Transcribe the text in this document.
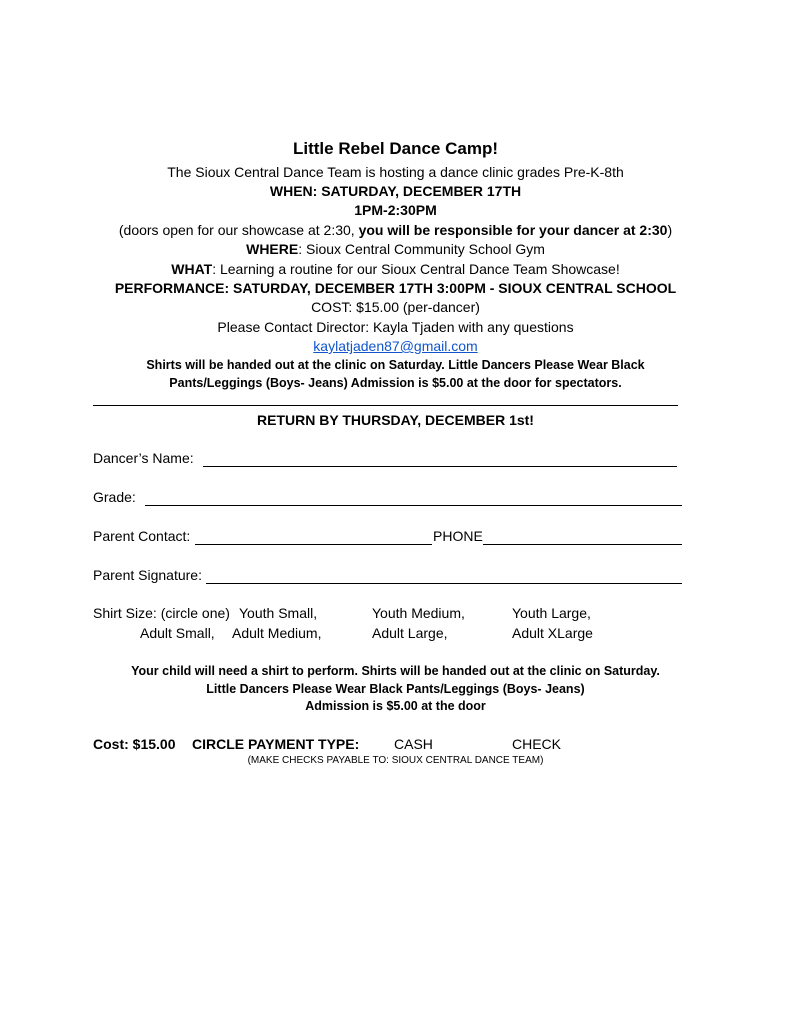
Little Rebel Dance Camp!
The Sioux Central Dance Team is hosting a dance clinic grades Pre-K-8th
WHEN: SATURDAY, DECEMBER 17TH
1PM-2:30PM
(doors open for our showcase at 2:30, you will be responsible for your dancer at 2:30)
WHERE: Sioux Central Community School Gym
WHAT: Learning a routine for our Sioux Central Dance Team Showcase!
PERFORMANCE: SATURDAY, DECEMBER 17TH 3:00PM - SIOUX CENTRAL SCHOOL
COST: $15.00 (per-dancer)
Please Contact Director: Kayla Tjaden with any questions
kaylatjaden87@gmail.com
Shirts will be handed out at the clinic on Saturday. Little Dancers Please Wear Black
Pants/Leggings (Boys- Jeans) Admission is $5.00 at the door for spectators.
RETURN BY THURSDAY, DECEMBER 1st!
Dancer’s Name:
Grade:
Parent Contact:	PHONE
Parent Signature:
Shirt Size: (circle one) Youth Small,	Youth Medium,	Youth Large,
Adult Small, Adult Medium,	Adult Large,	Adult XLarge
Your child will need a shirt to perform. Shirts will be handed out at the clinic on Saturday.
Little Dancers Please Wear Black Pants/Leggings (Boys- Jeans)
Admission is $5.00 at the door
Cost: $15.00 CIRCLE PAYMENT TYPE: CASH	CHECK
(MAKE CHECKS PAYABLE TO: SIOUX CENTRAL DANCE TEAM)
